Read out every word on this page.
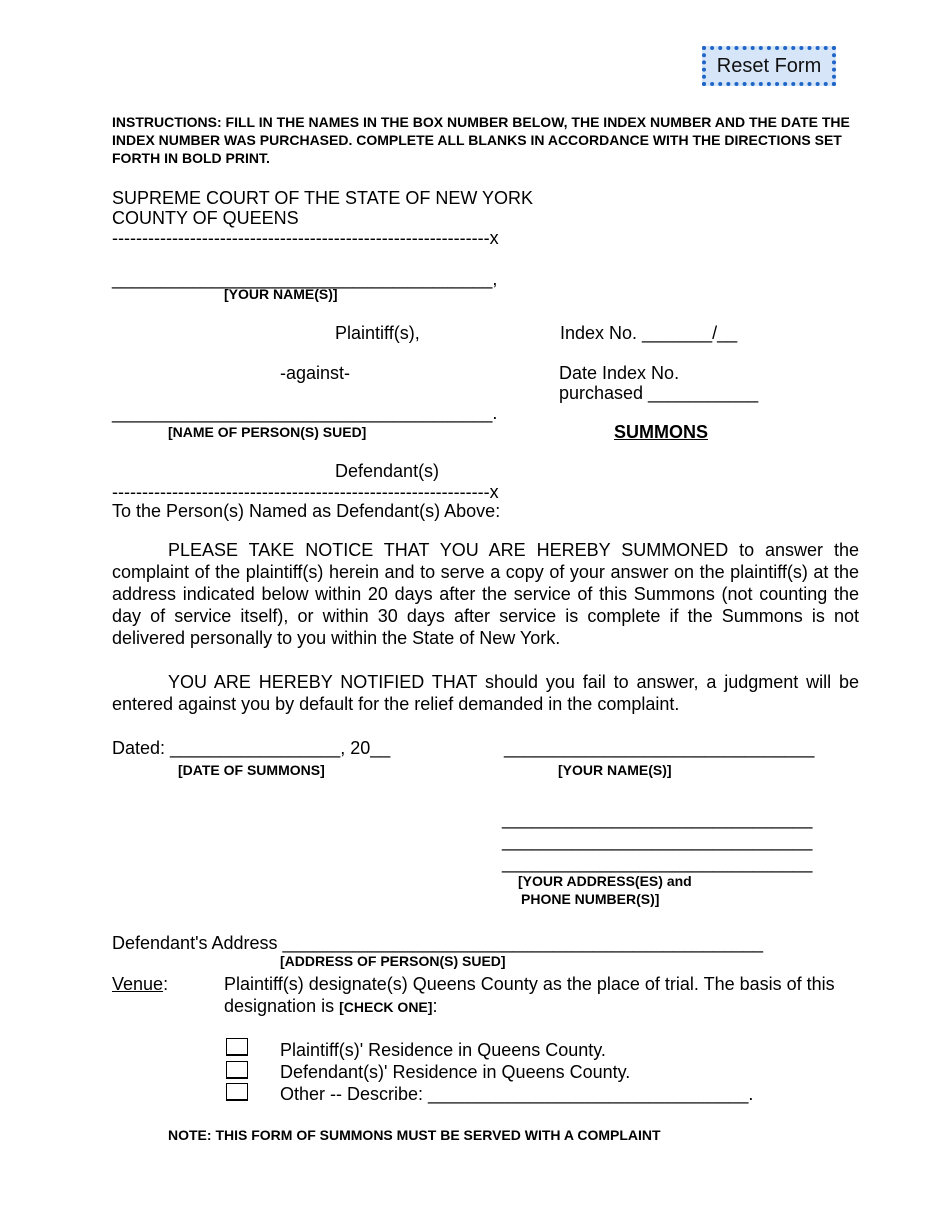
Reset Form
INSTRUCTIONS: FILL IN THE NAMES IN THE BOX NUMBER BELOW, THE INDEX NUMBER AND THE DATE THE INDEX NUMBER WAS PURCHASED. COMPLETE ALL BLANKS IN ACCORDANCE WITH THE DIRECTIONS SET FORTH IN BOLD PRINT.
SUPREME COURT OF THE STATE OF NEW YORK
COUNTY OF QUEENS
---------------------------------------------------------------x
______________________________________,
[YOUR NAME(S)]
Plaintiff(s),	Index No. _______/__
-against-	Date Index No.
purchased ___________
______________________________________.
[NAME OF PERSON(S) SUED]	SUMMONS
Defendant(s)
---------------------------------------------------------------x
To the Person(s) Named as Defendant(s) Above:
PLEASE TAKE NOTICE THAT YOU ARE HEREBY SUMMONED to answer the complaint of the plaintiff(s) herein and to serve a copy of your answer on the plaintiff(s) at the address indicated below within 20 days after the service of this Summons (not counting the day of service itself), or within 30 days after service is complete if the Summons is not delivered personally to you within the State of New York.
YOU ARE HEREBY NOTIFIED THAT should you fail to answer, a judgment will be entered against you by default for the relief demanded in the complaint.
Dated: _________________, 20__
[DATE OF SUMMONS]
_______________________________
[YOUR NAME(S)]
_______________________________
_______________________________
_______________________________
[YOUR ADDRESS(ES) and
PHONE NUMBER(S)]
Defendant's Address ________________________________________________
[ADDRESS OF PERSON(S) SUED]
Venue:	Plaintiff(s) designate(s) Queens County as the place of trial. The basis of this
designation is [CHECK ONE]:
Plaintiff(s)' Residence in Queens County.
Defendant(s)' Residence in Queens County.
Other -- Describe: ________________________________.
NOTE: THIS FORM OF SUMMONS MUST BE SERVED WITH A COMPLAINT
